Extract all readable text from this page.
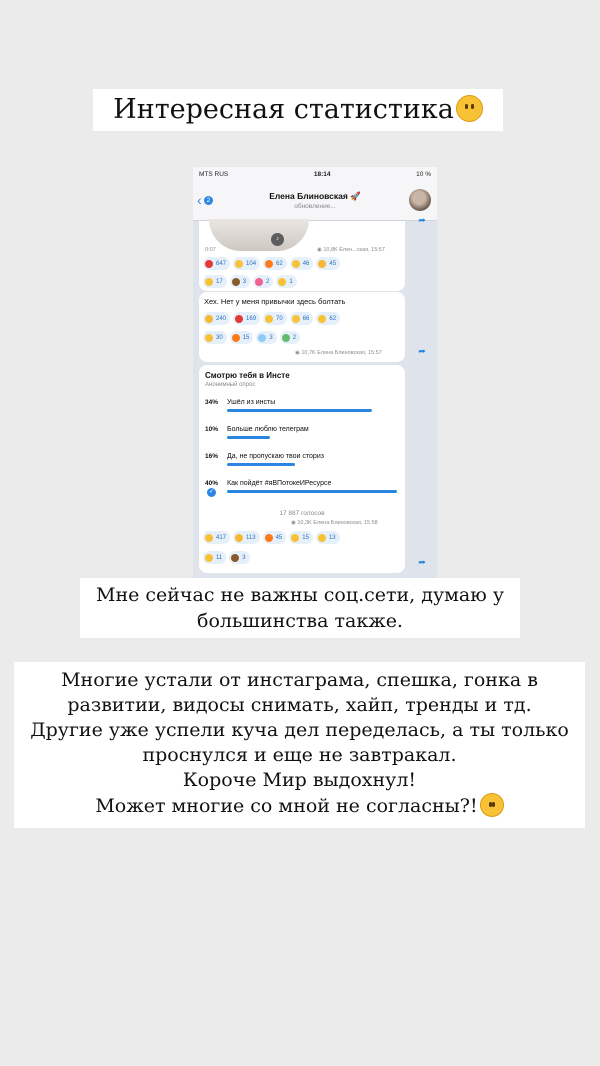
Интересная статистика
MTS RUS	18:14	10 %
‹ 2	Елена Блиновская 🚀
обновление...
♪
0:07	◉ 10,8K Елен...ская, 15:57
647	104	62	46	45
17	3	2	1
➦
Хех. Нет у меня привычки здесь болтать
240	169	70	66	62
30	15	3	2
◉ 10,7K Елена Блиновская, 15:57	➦
Смотрю тебя в Инсте
Анонимный опрос
34% Ушёл из инсты
10% Больше люблю телеграм
16% Да, не пропускаю твои сториз
40% Как пойдёт #яВПотокеИРесурсе
✓
17 887 голосов
◉ 10,3K Елена Блиновская, 15:58
417	113	45	15	13
11	3	➦
Мне сейчас не важны соц.сети, думаю у
большинства также.
Многие устали от инстаграма, спешка, гонка в
развитии, видосы снимать, хайп, тренды и тд.
Другие уже успели куча дел переделась, а ты только
проснулся и еще не завтракал.
Короче Мир выдохнул!
Может многие со мной не согласны?!
